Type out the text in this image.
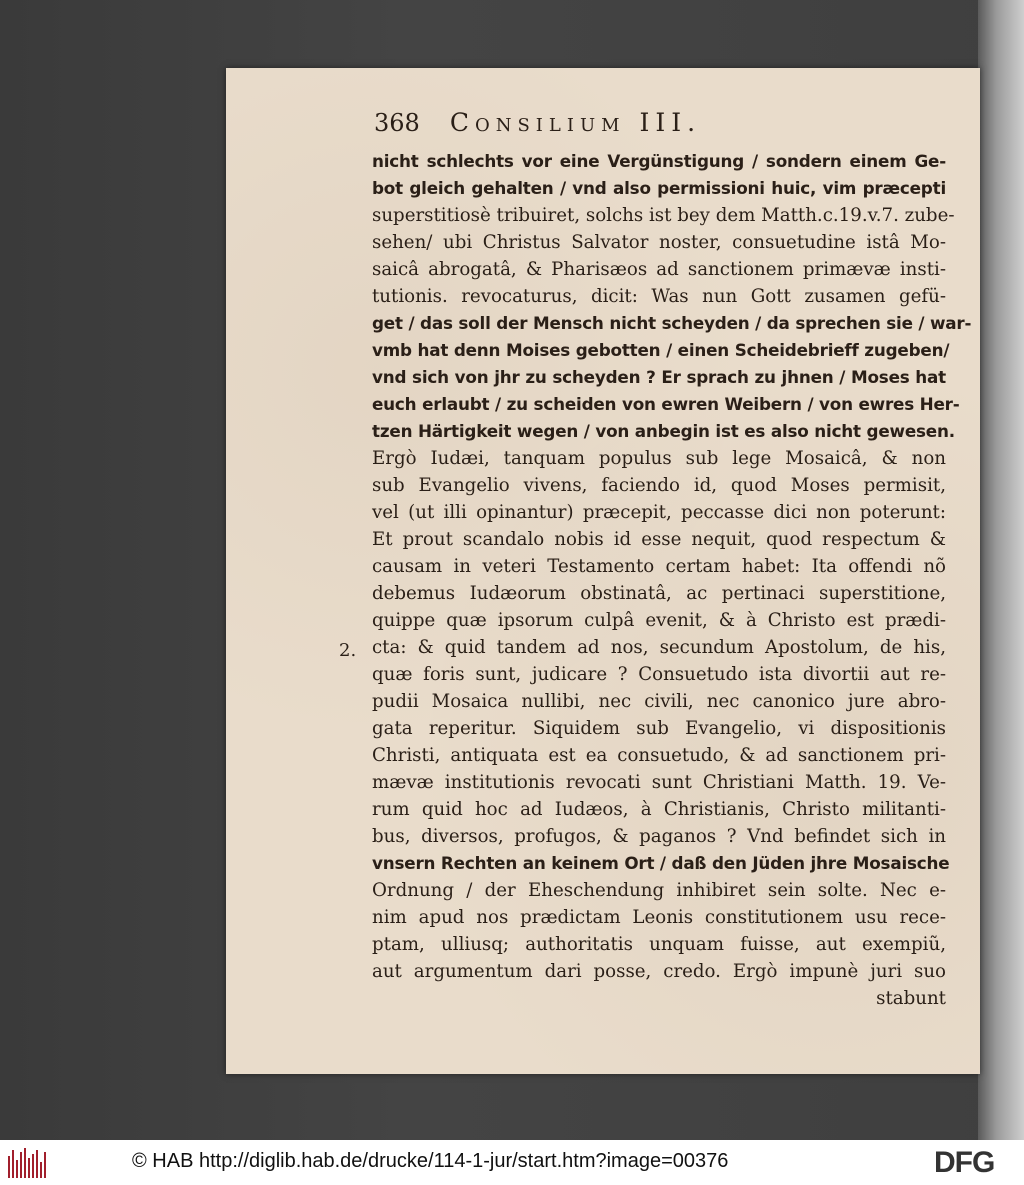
368 Consilium III.
2.
nicht schlechts vor eine Vergünstigung / sondern einem Ge-
bot gleich gehalten / vnd also permissioni huic, vim præcepti
superstitiosè tribuiret, solchs ist bey dem Matth.c.19.v.7. zube-
sehen/ ubi Christus Salvator noster, consuetudine istâ Mo-
saicâ abrogatâ, & Pharisæos ad sanctionem primævæ insti-
tutionis. revocaturus, dicit: Was nun Gott zusamen gefü-
get / das soll der Mensch nicht scheyden / da sprechen sie / war-
vmb hat denn Moises gebotten / einen Scheidebrieff zugeben/
vnd sich von jhr zu scheyden ? Er sprach zu jhnen / Moses hat
euch erlaubt / zu scheiden von ewren Weibern / von ewres Her-
tzen Härtigkeit wegen / von anbegin ist es also nicht gewesen.
Ergò Iudæi, tanquam populus sub lege Mosaicâ, & non
sub Evangelio vivens, faciendo id, quod Moses permisit,
vel (ut illi opinantur) præcepit, peccasse dici non poterunt:
Et prout scandalo nobis id esse nequit, quod respectum &
causam in veteri Testamento certam habet: Ita offendi nõ
debemus Iudæorum obstinatâ, ac pertinaci superstitione,
quippe quæ ipsorum culpâ evenit, & à Christo est prædi-
cta: & quid tandem ad nos, secundum Apostolum, de his,
quæ foris sunt, judicare ? Consuetudo ista divortii aut re-
pudii Mosaica nullibi, nec civili, nec canonico jure abro-
gata reperitur. Siquidem sub Evangelio, vi dispositionis
Christi, antiquata est ea consuetudo, & ad sanctionem pri-
mævæ institutionis revocati sunt Christiani Matth. 19. Ve-
rum quid hoc ad Iudæos, à Christianis, Christo militanti-
bus, diversos, profugos, & paganos ? Vnd befindet sich in
vnsern Rechten an keinem Ort / daß den Jüden jhre Mosaische
Ordnung / der Eheschendung inhibiret sein solte. Nec e-
nim apud nos prædictam Leonis constitutionem usu rece-
ptam, ulliusq; authoritatis unquam fuisse, aut exempiũ,
aut argumentum dari posse, credo. Ergò impunè juri suo
stabunt
© HAB http://diglib.hab.de/drucke/114-1-jur/start.htm?image=00376	DFG
